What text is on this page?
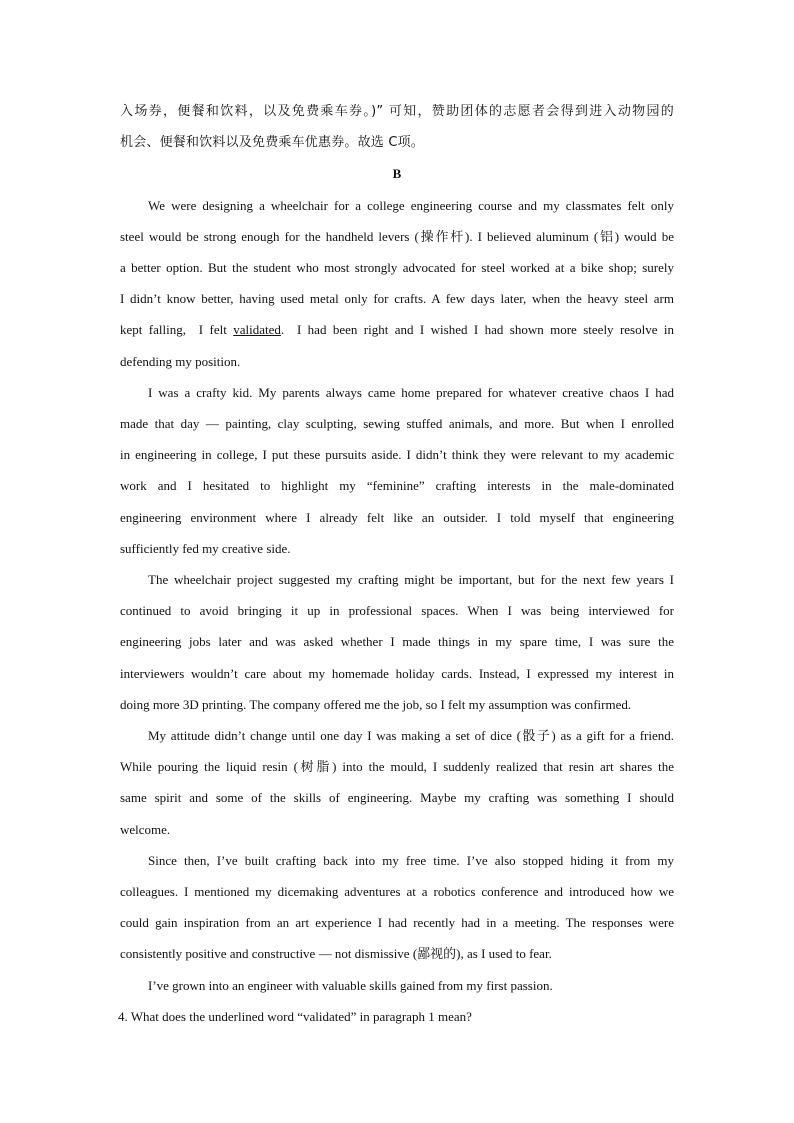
入场券，便餐和饮料，以及免费乘车券。)” 可知，赞助团体的志愿者会得到进入动物园的
机会、便餐和饮料以及免费乘车优惠券。故选 C项。
B
We were designing a wheelchair for a college engineering course and my classmates felt only
steel would be strong enough for the handheld levers (操作杆). I believed aluminum (铝) would be
a better option. But the student who most strongly advocated for steel worked at a bike shop; surely
I didn’t know better, having used metal only for crafts. A few days later, when the heavy steel arm
kept falling,  I felt validated.  I had been right and I wished I had shown more steely resolve in
defending my position.
I was a crafty kid. My parents always came home prepared for whatever creative chaos I had
made that day — painting, clay sculpting, sewing stuffed animals, and more. But when I enrolled
in engineering in college, I put these pursuits aside. I didn’t think they were relevant to my academic
work and I hesitated to highlight my “feminine” crafting interests in the male-dominated
engineering environment where I already felt like an outsider. I told myself that engineering
sufficiently fed my creative side.
The wheelchair project suggested my crafting might be important, but for the next few years I
continued to avoid bringing it up in professional spaces. When I was being interviewed for
engineering jobs later and was asked whether I made things in my spare time, I was sure the
interviewers wouldn’t care about my homemade holiday cards. Instead, I expressed my interest in
doing more 3D printing. The company offered me the job, so I felt my assumption was confirmed.
My attitude didn’t change until one day I was making a set of dice (骰子) as a gift for a friend.
While pouring the liquid resin (树脂) into the mould, I suddenly realized that resin art shares the
same spirit and some of the skills of engineering. Maybe my crafting was something I should
welcome.
Since then, I’ve built crafting back into my free time. I’ve also stopped hiding it from my
colleagues. I mentioned my dicemaking adventures at a robotics conference and introduced how we
could gain inspiration from an art experience I had recently had in a meeting. The responses were
consistently positive and constructive — not dismissive (鄙视的), as I used to fear.
I’ve grown into an engineer with valuable skills gained from my first passion.
4. What does the underlined word “validated” in paragraph 1 mean?
